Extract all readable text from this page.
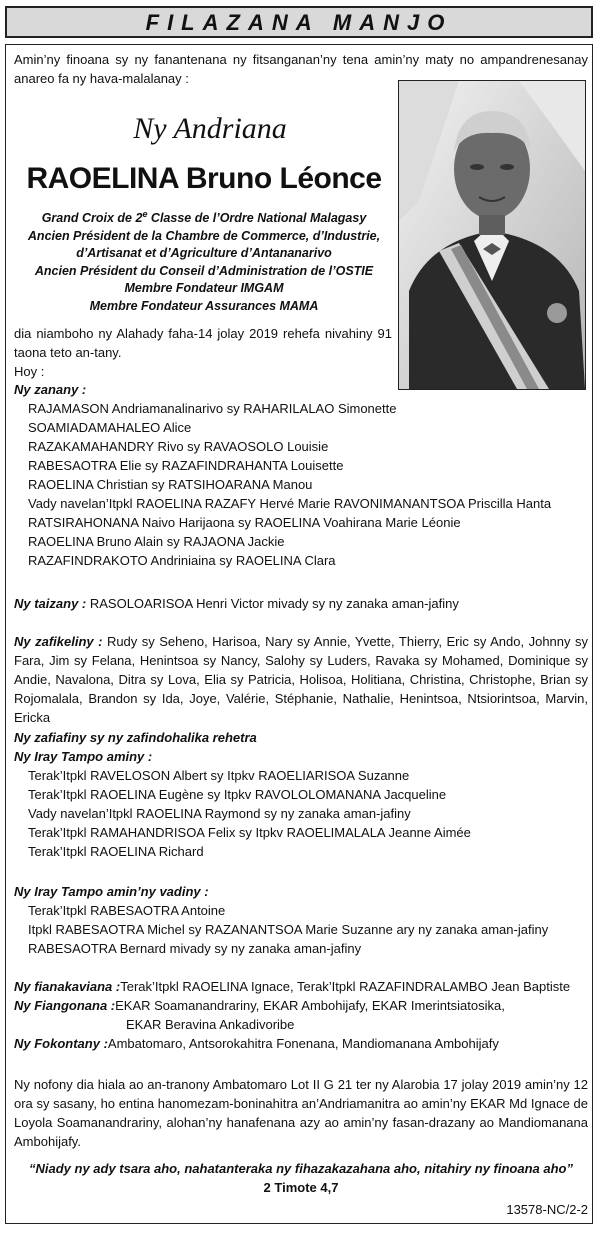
FILAZANA MANJO
Amin’ny finoana sy ny fanantenana ny fitsanganan’ny tena amin’ny maty no ampandrenesanay anareo fa ny hava-malalanay :
Ny Andriana
RAOELINA Bruno Léonce
Grand Croix de 2e Classe de l’Ordre National Malagasy
Ancien Président de la Chambre de Commerce, d’Industrie,
d’Artisanat et d’Agriculture d’Antananarivo
Ancien Président du Conseil d’Administration de l’OSTIE
Membre Fondateur IMGAM
Membre Fondateur Assurances MAMA
dia niamboho ny Alahady faha-14 jolay 2019 rehefa nivahiny 91 taona teto an-tany.
Hoy :
Ny zanany :
RAJAMASON Andriamanalinarivo sy RAHARILALAO Simonette
SOAMIADAMAHALEO Alice
RAZAKAMAHANDRY Rivo sy RAVAOSOLO Louisie
RABESAOTRA Elie sy RAZAFINDRAHANTA Louisette
RAOELINA Christian sy RATSIHOARANA Manou
Vady navelan’Itpkl RAOELINA RAZAFY Hervé Marie RAVONIMANANTSOA Priscilla Hanta
RATSIRAHONANA Naivo Harijaona sy RAOELINA Voahirana Marie Léonie
RAOELINA Bruno Alain sy RAJAONA Jackie
RAZAFINDRAKOTO Andriniaina sy RAOELINA Clara
Ny taizany : RASOLOARISOA Henri Victor mivady sy ny zanaka aman-jafiny
Ny zafikeliny : Rudy sy Seheno, Harisoa, Nary sy Annie, Yvette, Thierry, Eric sy Ando, Johnny sy Fara, Jim sy Felana, Henintsoa sy Nancy, Salohy sy Luders, Ravaka sy Mohamed, Dominique sy Andie, Navalona, Ditra sy Lova, Elia sy Patricia, Holisoa, Holitiana, Christina, Christophe, Brian sy Rojomalala, Brandon sy Ida, Joye, Valérie, Stéphanie, Nathalie, Henintsoa, Ntsiorintsoa, Marvin, Ericka
Ny zafiafiny sy ny zafindohalika rehetra
Ny Iray Tampo aminy :
Terak’Itpkl RAVELOSON Albert sy Itpkv RAOELIARISOA Suzanne
Terak’Itpkl RAOELINA Eugène sy Itpkv RAVOLOLOMANANA Jacqueline
Vady navelan’Itpkl RAOELINA Raymond sy ny zanaka aman-jafiny
Terak’Itpkl RAMAHANDRISOA Felix sy Itpkv RAOELIMALALA Jeanne Aimée
Terak’Itpkl RAOELINA Richard
Ny Iray Tampo amin’ny vadiny :
Terak’Itpkl RABESAOTRA Antoine
Itpkl RABESAOTRA Michel sy RAZANANTSOA Marie Suzanne ary ny zanaka aman-jafiny
RABESAOTRA Bernard mivady sy ny zanaka aman-jafiny
Ny fianakaviana : Terak’Itpkl RAOELINA Ignace, Terak’Itpkl RAZAFINDRALAMBO Jean Baptiste
Ny Fiangonana : EKAR Soamanandrariny, EKAR Ambohijafy, EKAR Imerintsiatosika,
EKAR Beravina Ankadivoribe
Ny Fokontany : Ambatomaro, Antsorokahitra Fonenana, Mandiomanana Ambohijafy
Ny nofony dia hiala ao an-tranony Ambatomaro Lot II G 21 ter ny Alarobia 17 jolay 2019 amin’ny 12 ora sy sasany, ho entina hanomezam-boninahitra an’Andriamanitra ao amin’ny EKAR Md Ignace de Loyola Soamanandrariny, alohan’ny hanafenana azy ao amin’ny fasan-drazany ao Mandiomanana Ambohijafy.
“Niady ny ady tsara aho, nahatanteraka ny fihazakazahana aho, nitahiry ny finoana aho”
2 Timote 4,7
13578-NC/2-2
